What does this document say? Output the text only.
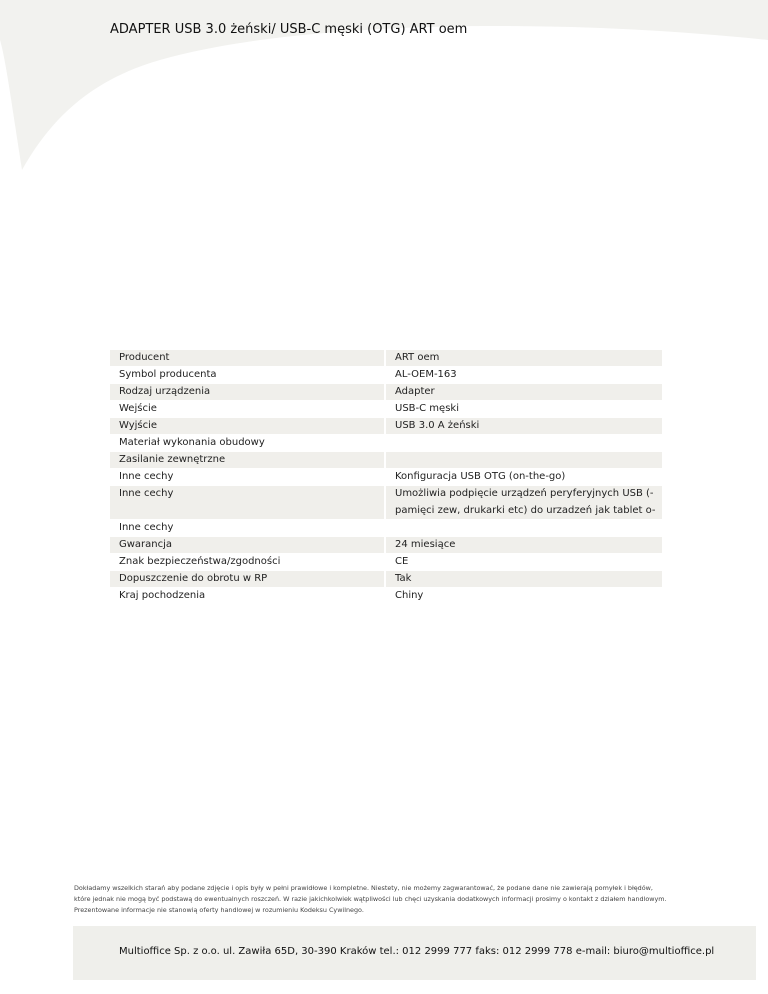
ADAPTER USB 3.0 żeński/ USB-C męski (OTG) ART oem
Producent	ART oem
Symbol producenta	AL-OEM-163
Rodzaj urządzenia	Adapter
Wejście	USB-C męski
Wyjście	USB 3.0 A żeński
Materiał wykonania obudowy
Zasilanie zewnętrzne
Inne cechy	Konfiguracja USB OTG (on-the-go)
Inne cechy	Umożliwia podpięcie urządzeń peryferyjnych USB (-pamięci zew, drukarki etc) do urzadzeń jak tablet o-
Inne cechy
Gwarancja	24 miesiące
Znak bezpieczeństwa/zgodności	CE
Dopuszczenie do obrotu w RP	Tak
Kraj pochodzenia	Chiny

Dokładamy wszelkich starań aby podane zdjęcie i opis były w pełni prawidłowe i kompletne. Niestety, nie możemy zagwarantować, że podane dane nie zawierają pomyłek i błędów,

które jednak nie mogą być podstawą do ewentualnych roszczeń. W razie jakichkolwiek wątpliwości lub chęci uzyskania dodatkowych informacji prosimy o kontakt z działem handlowym.

Prezentowane informacje nie stanowią oferty handlowej w rozumieniu Kodeksu Cywilnego.

Multioffice Sp. z o.o. ul. Zawiła 65D, 30-390 Kraków tel.: 012 2999 777 faks: 012 2999 778 e-mail: biuro@multioffice.pl
